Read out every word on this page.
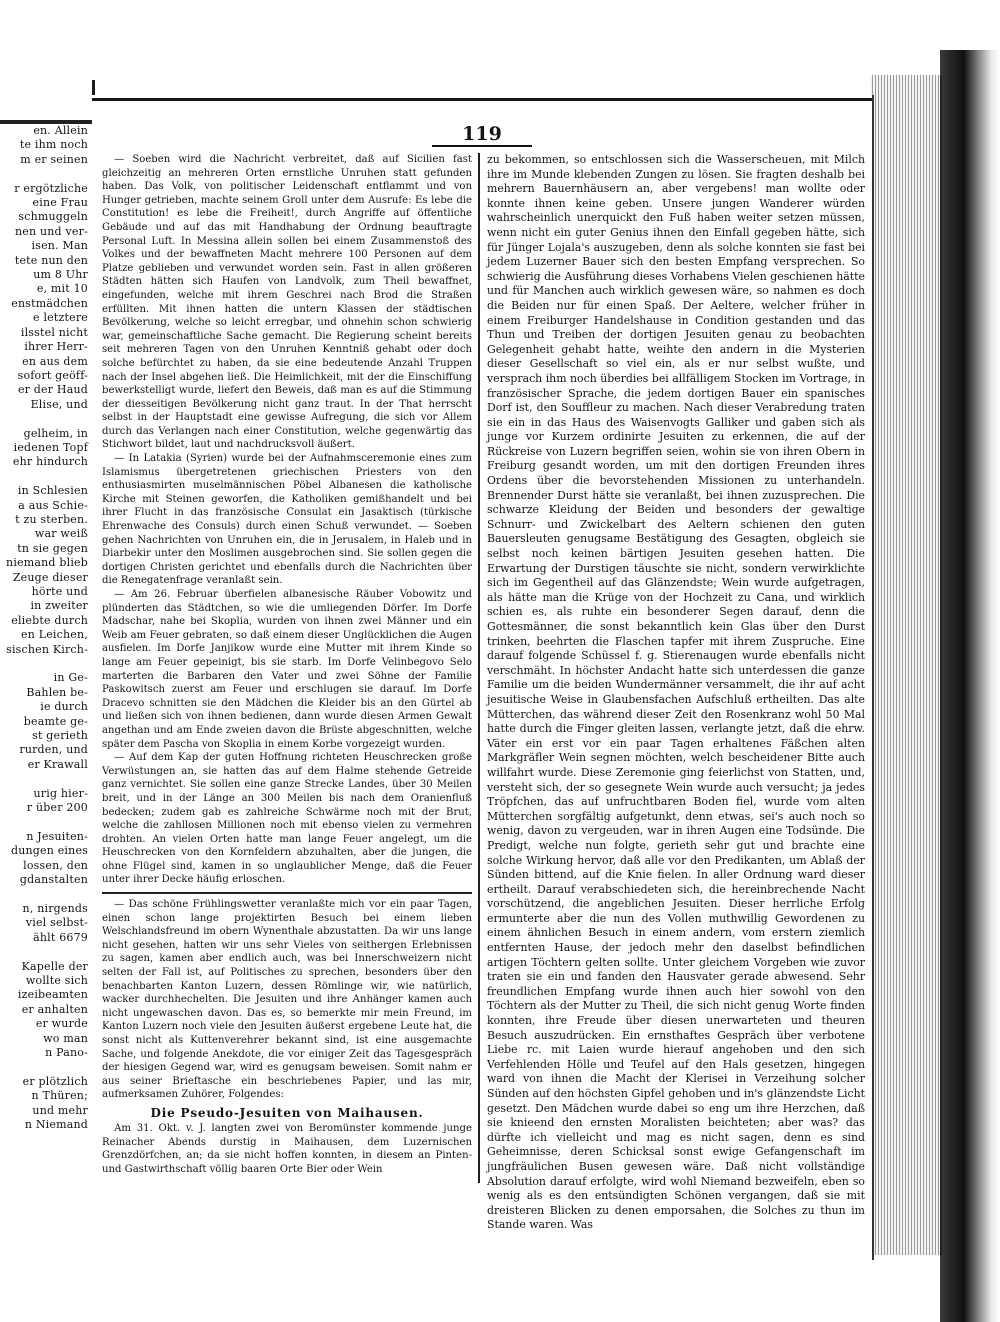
en. Allein
te ihm noch
m er seinen

r ergötzliche
eine Frau
schmuggeln
nen und ver-
isen. Man
tete nun den
um 8 Uhr
e, mit 10
enstmädchen
e letztere
ilsstel nicht
ihrer Herr-
en aus dem
sofort geöff-
er der Haud
Elise, und

gelheim, in
iedenen Topf
ehr hindurch

in Schlesien
a aus Schie-
t zu sterben.
war weiß
tn sie gegen
niemand blieb
Zeuge dieser
hörte und
in zweiter
eliebte durch
en Leichen,
sischen Kirch-

in Ge-
Bahlen be-
ie durch
beamte ge-
st gerieth
rurden, und
er Krawall

urig hier-
r über 200

n Jesuiten-
dungen eines
lossen, den
gdanstalten

n, nirgends
viel selbst-
ählt 6679

Kapelle der
wollte sich
izeibeamten
er anhalten
er wurde
wo man
n Pano-

er plötzlich
n Thüren;
und mehr
n Niemand
119

— Soeben wird die Nachricht verbreitet, daß auf Sicilien fast gleichzeitig an mehreren Orten ernstliche Unruhen statt gefunden haben. Das Volk, von politischer Leidenschaft entflammt und von Hunger getrieben, machte seinem Groll unter dem Ausrufe: Es lebe die Constitution! es lebe die Freiheit!, durch Angriffe auf öffentliche Gebäude und auf das mit Handhabung der Ordnung beauftragte Personal Luft. In Messina allein sollen bei einem Zusammenstoß des Volkes und der bewaffneten Macht mehrere 100 Personen auf dem Platze geblieben und verwundet worden sein. Fast in allen größeren Städten hätten sich Haufen von Landvolk, zum Theil bewaffnet, eingefunden, welche mit ihrem Geschrei nach Brod die Straßen erfüllten. Mit ihnen hatten die untern Klassen der städtischen Bevölkerung, welche so leicht erregbar, und ohnehin schon schwierig war, gemeinschaftliche Sache gemacht. Die Regierung scheint bereits seit mehreren Tagen von den Unruhen Kenntniß gehabt oder doch solche befürchtet zu haben, da sie eine bedeutende Anzahl Truppen nach der Insel abgehen ließ. Die Heimlichkeit, mit der die Einschiffung bewerkstelligt wurde, liefert den Beweis, daß man es auf die Stimmung der diesseitigen Bevölkerung nicht ganz traut. In der That herrscht selbst in der Hauptstadt eine gewisse Aufregung, die sich vor Allem durch das Verlangen nach einer Constitution, welche gegenwärtig das Stichwort bildet, laut und nachdrucksvoll äußert.

— In Latakia (Syrien) wurde bei der Aufnahmsceremonie eines zum Islamismus übergetretenen griechischen Priesters von den enthusiasmirten muselmännischen Pöbel Albanesen die katholische Kirche mit Steinen geworfen, die Katholiken gemißhandelt und bei ihrer Flucht in das französische Consulat ein Jasaktisch (türkische Ehrenwache des Consuls) durch einen Schuß verwundet. — Soeben gehen Nachrichten von Unruhen ein, die in Jerusalem, in Haleb und in Diarbekir unter den Moslimen ausgebrochen sind. Sie sollen gegen die dortigen Christen gerichtet und ebenfalls durch die Nachrichten über die Renegatenfrage veranlaßt sein.

— Am 26. Februar überfielen albanesische Räuber Vobowitz und plünderten das Städtchen, so wie die umliegenden Dörfer. Im Dorfe Madschar, nahe bei Skoplia, wurden von ihnen zwei Männer und ein Weib am Feuer gebraten, so daß einem dieser Unglücklichen die Augen ausfielen. Im Dorfe Janjikow wurde eine Mutter mit ihrem Kinde so lange am Feuer gepeinigt, bis sie starb. Im Dorfe Velinbegovo Selo marterten die Barbaren den Vater und zwei Söhne der Familie Paskowitsch zuerst am Feuer und erschlugen sie darauf. Im Dorfe Dracevo schnitten sie den Mädchen die Kleider bis an den Gürtel ab und ließen sich von ihnen bedienen, dann wurde diesen Armen Gewalt angethan und am Ende zweien davon die Brüste abgeschnitten, welche später dem Pascha von Skoplia in einem Korbe vorgezeigt wurden.

— Auf dem Kap der guten Hoffnung richteten Heuschrecken große Verwüstungen an, sie hatten das auf dem Halme stehende Getreide ganz vernichtet. Sie sollen eine ganze Strecke Landes, über 30 Meilen breit, und in der Länge an 300 Meilen bis nach dem Oranienfluß bedecken; zudem gab es zahlreiche Schwärme noch mit der Brut, welche die zahllosen Millionen noch mit ebenso vielen zu vermehren drohten. An vielen Orten hatte man lange Feuer angelegt, um die Heuschrecken von den Kornfeldern abzuhalten, aber die jungen, die ohne Flügel sind, kamen in so unglaublicher Menge, daß die Feuer unter ihrer Decke häufig erloschen.

— Das schöne Frühlingswetter veranlaßte mich vor ein paar Tagen, einen schon lange projektirten Besuch bei einem lieben Welschlandsfreund im obern Wynenthale abzustatten. Da wir uns lange nicht gesehen, hatten wir uns sehr Vieles von seithergen Erlebnissen zu sagen, kamen aber endlich auch, was bei Innerschweizern nicht selten der Fall ist, auf Politisches zu sprechen, besonders über den benachbarten Kanton Luzern, dessen Römlinge wir, wie natürlich, wacker durchhechelten. Die Jesuiten und ihre Anhänger kamen auch nicht ungewaschen davon. Das es, so bemerkte mir mein Freund, im Kanton Luzern noch viele den Jesuiten äußerst ergebene Leute hat, die sonst nicht als Kuttenverehrer bekannt sind, ist eine ausgemachte Sache, und folgende Anekdote, die vor einiger Zeit das Tagesgespräch der hiesigen Gegend war, wird es genugsam beweisen. Somit nahm er aus seiner Brieftasche ein beschriebenes Papier, und las mir, aufmerksamen Zuhörer, Folgendes:

Die Pseudo-Jesuiten von Maihausen.

Am 31. Okt. v. J. langten zwei von Beromünster kommende junge Reinacher Abends durstig in Maihausen, dem Luzernischen Grenzdörfchen, an; da sie nicht hoffen konnten, in diesem an Pinten- und Gastwirthschaft völlig baaren Orte Bier oder Wein

zu bekommen, so entschlossen sich die Wasserscheuen, mit Milch ihre im Munde klebenden Zungen zu lösen. Sie fragten deshalb bei mehrern Bauernhäusern an, aber vergebens! man wollte oder konnte ihnen keine geben. Unsere jungen Wanderer würden wahrscheinlich unerquickt den Fuß haben weiter setzen müssen, wenn nicht ein guter Genius ihnen den Einfall gegeben hätte, sich für Jünger Lojala's auszugeben, denn als solche konnten sie fast bei jedem Luzerner Bauer sich den besten Empfang versprechen. So schwierig die Ausführung dieses Vorhabens Vielen geschienen hätte und für Manchen auch wirklich gewesen wäre, so nahmen es doch die Beiden nur für einen Spaß. Der Aeltere, welcher früher in einem Freiburger Handelshause in Condition gestanden und das Thun und Treiben der dortigen Jesuiten genau zu beobachten Gelegenheit gehabt hatte, weihte den andern in die Mysterien dieser Gesellschaft so viel ein, als er nur selbst wußte, und versprach ihm noch überdies bei allfälligem Stocken im Vortrage, in französischer Sprache, die jedem dortigen Bauer ein spanisches Dorf ist, den Souffleur zu machen. Nach dieser Verabredung traten sie ein in das Haus des Waisenvogts Galliker und gaben sich als junge vor Kurzem ordinirte Jesuiten zu erkennen, die auf der Rückreise von Luzern begriffen seien, wohin sie von ihren Obern in Freiburg gesandt worden, um mit den dortigen Freunden ihres Ordens über die bevorstehenden Missionen zu unterhandeln. Brennender Durst hätte sie veranlaßt, bei ihnen zuzusprechen. Die schwarze Kleidung der Beiden und besonders der gewaltige Schnurr- und Zwickelbart des Aeltern schienen den guten Bauersleuten genugsame Bestätigung des Gesagten, obgleich sie selbst noch keinen bärtigen Jesuiten gesehen hatten. Die Erwartung der Durstigen täuschte sie nicht, sondern verwirklichte sich im Gegentheil auf das Glänzendste; Wein wurde aufgetragen, als hätte man die Krüge von der Hochzeit zu Cana, und wirklich schien es, als ruhte ein besonderer Segen darauf, denn die Gottesmänner, die sonst bekanntlich kein Glas über den Durst trinken, beehrten die Flaschen tapfer mit ihrem Zuspruche. Eine darauf folgende Schüssel f. g. Stierenaugen wurde ebenfalls nicht verschmäht. In höchster Andacht hatte sich unterdessen die ganze Familie um die beiden Wundermänner versammelt, die ihr auf acht jesuitische Weise in Glaubensfachen Aufschluß ertheilten. Das alte Mütterchen, das während dieser Zeit den Rosenkranz wohl 50 Mal hatte durch die Finger gleiten lassen, verlangte jetzt, daß die ehrw. Väter ein erst vor ein paar Tagen erhaltenes Fäßchen alten Markgräfler Wein segnen möchten, welch bescheidener Bitte auch willfahrt wurde. Diese Zeremonie ging feierlichst von Statten, und, versteht sich, der so gesegnete Wein wurde auch versucht; ja jedes Tröpfchen, das auf unfruchtbaren Boden fiel, wurde vom alten Mütterchen sorgfältig aufgetunkt, denn etwas, sei's auch noch so wenig, davon zu vergeuden, war in ihren Augen eine Todsünde. Die Predigt, welche nun folgte, gerieth sehr gut und brachte eine solche Wirkung hervor, daß alle vor den Predikanten, um Ablaß der Sünden bittend, auf die Knie fielen. In aller Ordnung ward dieser ertheilt. Darauf verabschiedeten sich, die hereinbrechende Nacht vorschützend, die angeblichen Jesuiten. Dieser herrliche Erfolg ermunterte aber die nun des Vollen muthwillig Gewordenen zu einem ähnlichen Besuch in einem andern, vom erstern ziemlich entfernten Hause, der jedoch mehr den daselbst befindlichen artigen Töchtern gelten sollte. Unter gleichem Vorgeben wie zuvor traten sie ein und fanden den Hausvater gerade abwesend. Sehr freundlichen Empfang wurde ihnen auch hier sowohl von den Töchtern als der Mutter zu Theil, die sich nicht genug Worte finden konnten, ihre Freude über diesen unerwarteten und theuren Besuch auszudrücken. Ein ernsthaftes Gespräch über verbotene Liebe rc. mit Laien wurde hierauf angehoben und den sich Verfehlenden Hölle und Teufel auf den Hals gesetzen, hingegen ward von ihnen die Macht der Klerisei in Verzeihung solcher Sünden auf den höchsten Gipfel gehoben und in's glänzendste Licht gesetzt. Den Mädchen wurde dabei so eng um ihre Herzchen, daß sie knieend den ernsten Moralisten beichteten; aber was? das dürfte ich vielleicht und mag es nicht sagen, denn es sind Geheimnisse, deren Schicksal sonst ewige Gefangenschaft im jungfräulichen Busen gewesen wäre. Daß nicht vollständige Absolution darauf erfolgte, wird wohl Niemand bezweifeln, eben so wenig als es den entsündigten Schönen vergangen, daß sie mit dreisteren Blicken zu denen emporsahen, die Solches zu thun im Stande waren. Was
